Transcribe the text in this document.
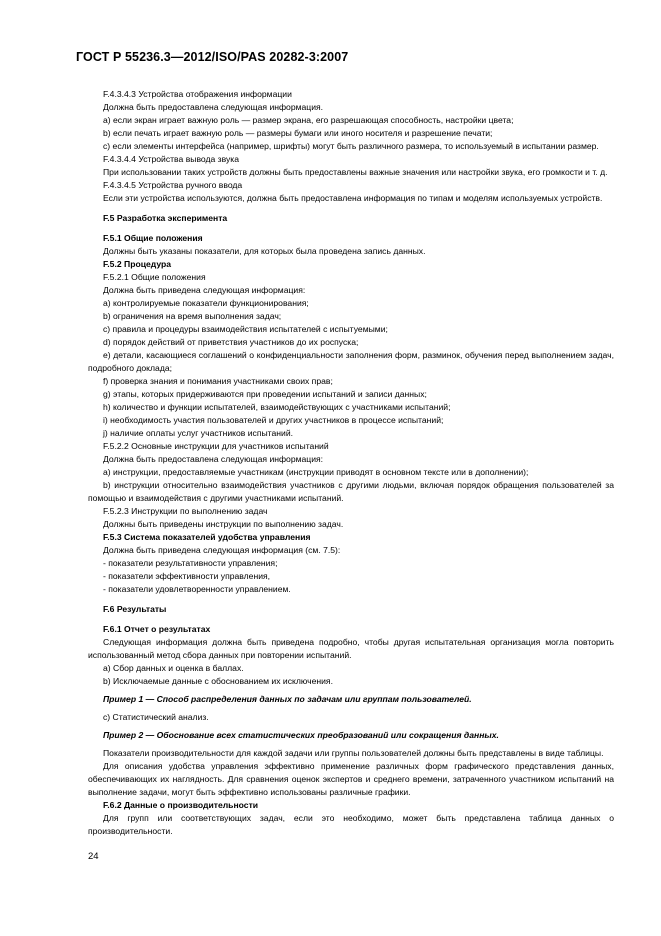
ГОСТ Р 55236.3—2012/ISO/PAS 20282-3:2007

F.4.3.4.3 Устройства отображения информации

Должна быть предоставлена следующая информация.

a) если экран играет важную роль — размер экрана, его разрешающая способность, настройки цвета;

b) если печать играет важную роль — размеры бумаги или иного носителя и разрешение печати;

c) если элементы интерфейса (например, шрифты) могут быть различного размера, то используемый в испытании размер.

F.4.3.4.4 Устройства вывода звука

При использовании таких устройств должны быть предоставлены важные значения или настройки звука, его громкости и т. д.

F.4.3.4.5 Устройства ручного ввода

Если эти устройства используются, должна быть предоставлена информация по типам и моделям используемых устройств.

F.5 Разработка эксперимента

F.5.1 Общие положения

Должны быть указаны показатели, для которых была проведена запись данных.

F.5.2 Процедура

F.5.2.1 Общие положения

Должна быть приведена следующая информация:

a) контролируемые показатели функционирования;

b) ограничения на время выполнения задач;

c) правила и процедуры взаимодействия испытателей с испытуемыми;

d) порядок действий от приветствия участников до их роспуска;

e) детали, касающиеся соглашений о конфиденциальности заполнения форм, разминок, обучения перед выполнением задач, подробного доклада;

f) проверка знания и понимания участниками своих прав;

g) этапы, которых придерживаются при проведении испытаний и записи данных;

h) количество и функции испытателей, взаимодействующих с участниками испытаний;

i) необходимость участия пользователей и других участников в процессе испытаний;

j) наличие оплаты услуг участников испытаний.

F.5.2.2 Основные инструкции для участников испытаний

Должна быть предоставлена следующая информация:

a) инструкции, предоставляемые участникам (инструкции приводят в основном тексте или в дополнении);

b) инструкции относительно взаимодействия участников с другими людьми, включая порядок обращения пользователей за помощью и взаимодействия с другими участниками испытаний.

F.5.2.3 Инструкции по выполнению задач

Должны быть приведены инструкции по выполнению задач.

F.5.3 Система показателей удобства управления

Должна быть приведена следующая информация (см. 7.5):

- показатели результативности управления;

- показатели эффективности управления,

- показатели удовлетворенности управлением.

F.6 Результаты

F.6.1 Отчет о результатах

Следующая информация должна быть приведена подробно, чтобы другая испытательная организация могла повторить использованный метод сбора данных при повторении испытаний.

a) Сбор данных и оценка в баллах.

b) Исключаемые данные с обоснованием их исключения.

Пример 1 — Способ распределения данных по задачам или группам пользователей.

c) Статистический анализ.

Пример 2 — Обоснование всех статистических преобразований или сокращения данных.

Показатели производительности для каждой задачи или группы пользователей должны быть представлены в виде таблицы.

Для описания удобства управления эффективно применение различных форм графического представления данных, обеспечивающих их наглядность. Для сравнения оценок экспертов и среднего времени, затраченного участником испытаний на выполнение задачи, могут быть эффективно использованы различные графики.

F.6.2 Данные о производительности

Для групп или соответствующих задач, если это необходимо, может быть представлена таблица данных о производительности.

24
